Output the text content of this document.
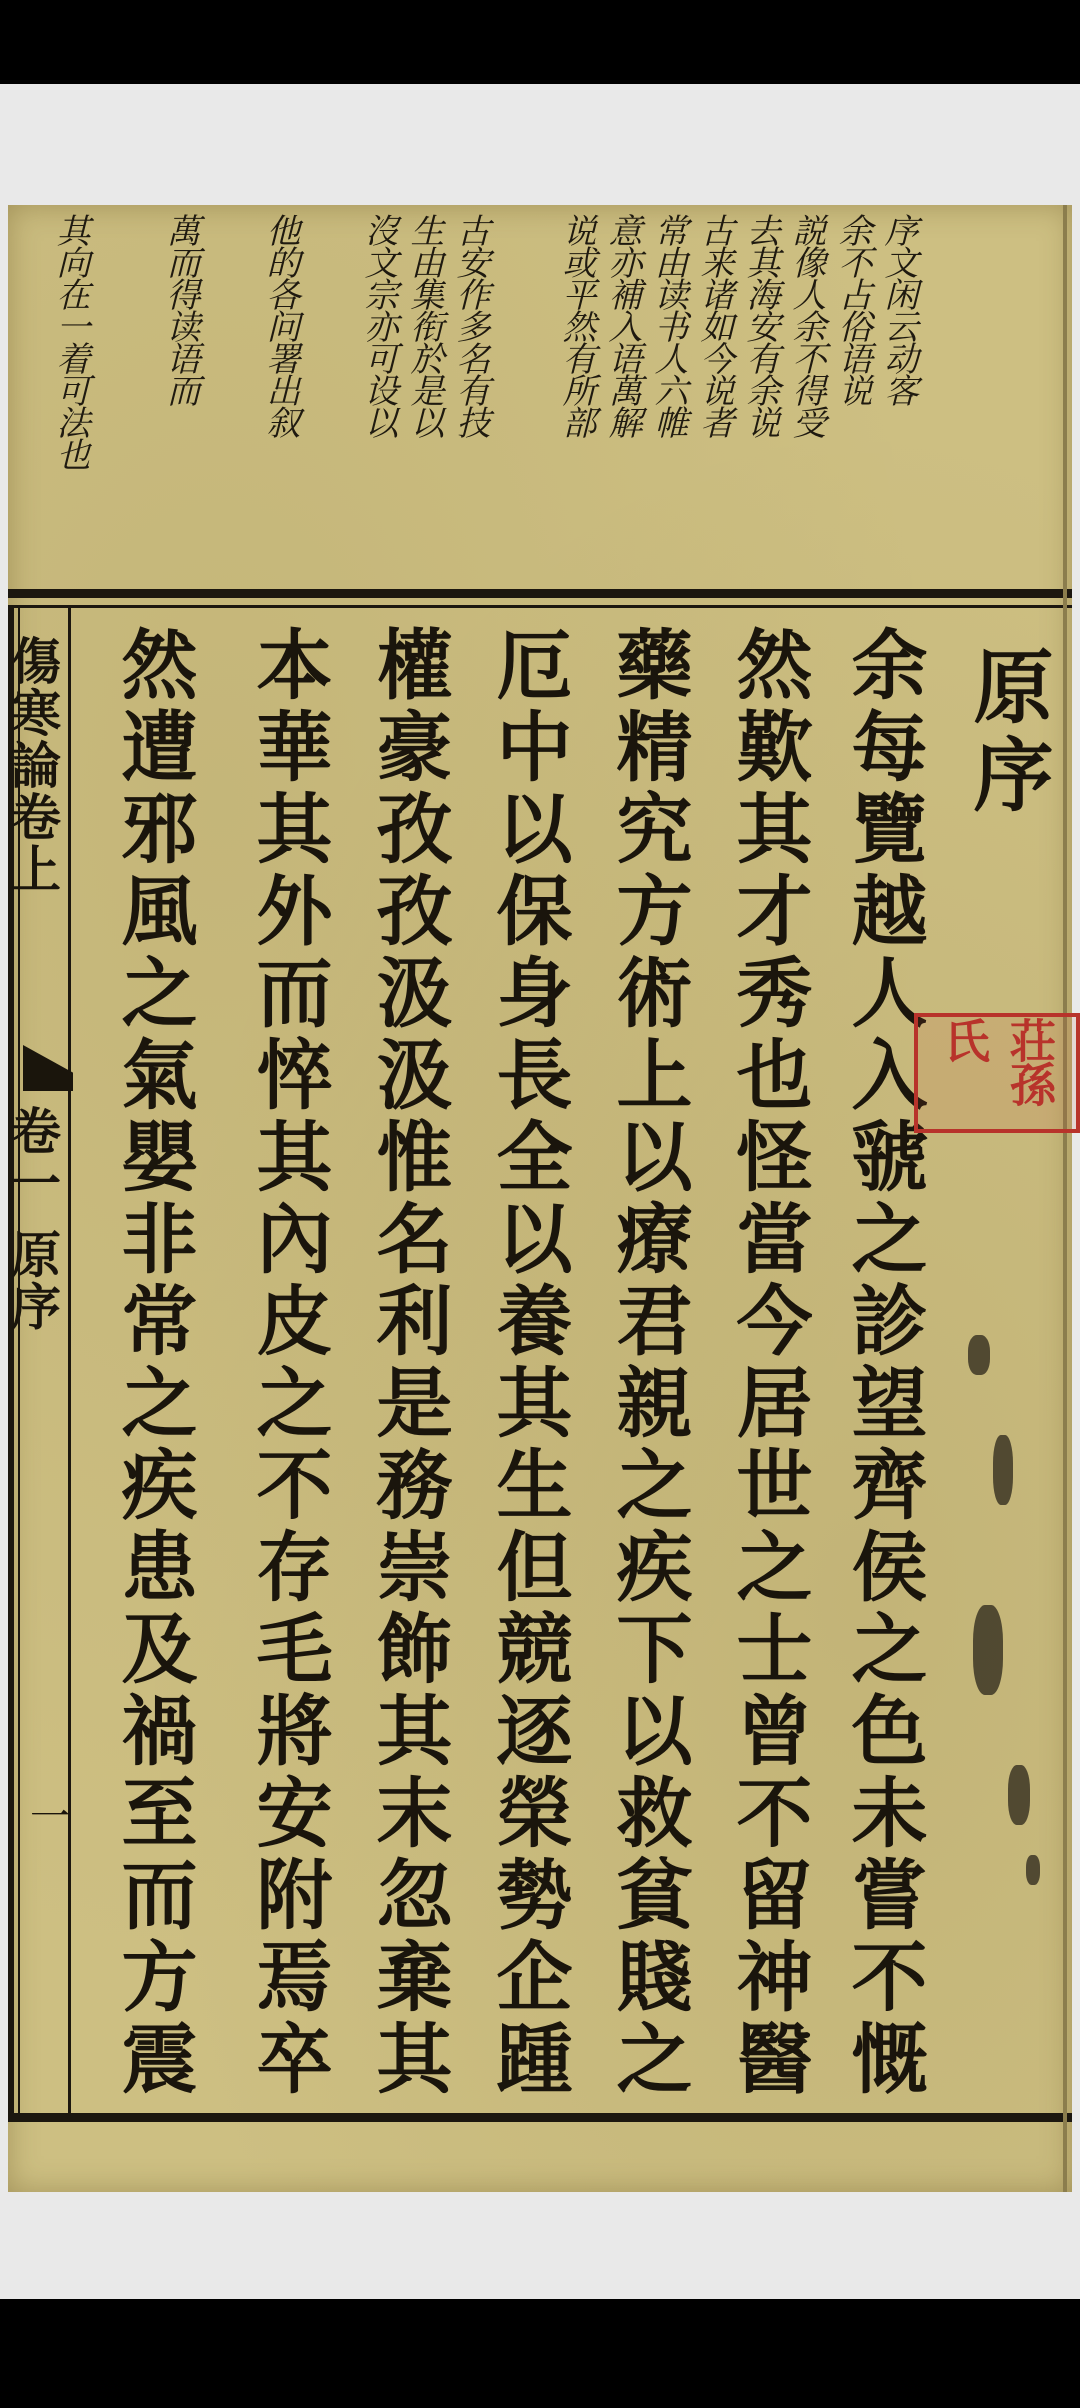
序文闲云动客
余不占俗语说
説像人余不得受
去其海安有余说
古来诸如今说者
常由读书人六帷
意亦補入语萬解
说或平然有所部
古安作多名有技
生由集衔於是以
沒文宗亦可设以
他的各问署出叙
萬而得读语而
其向在一着可法也
原序
余每覽越人入虢之診望齊侯之色未嘗不慨
然歎其才秀也怪當今居世之士曾不留神醫
藥精究方術上以療君親之疾下以救貧賤之
厄中以保身長全以養其生但競逐榮勢企踵
權豪孜孜汲汲惟名利是務崇飾其末忽棄其
本華其外而悴其內皮之不存毛將安附焉卒
然遭邪風之氣嬰非常之疾患及禍至而方震
傷寒論卷上
卷一 原序
一
荘孫氏
